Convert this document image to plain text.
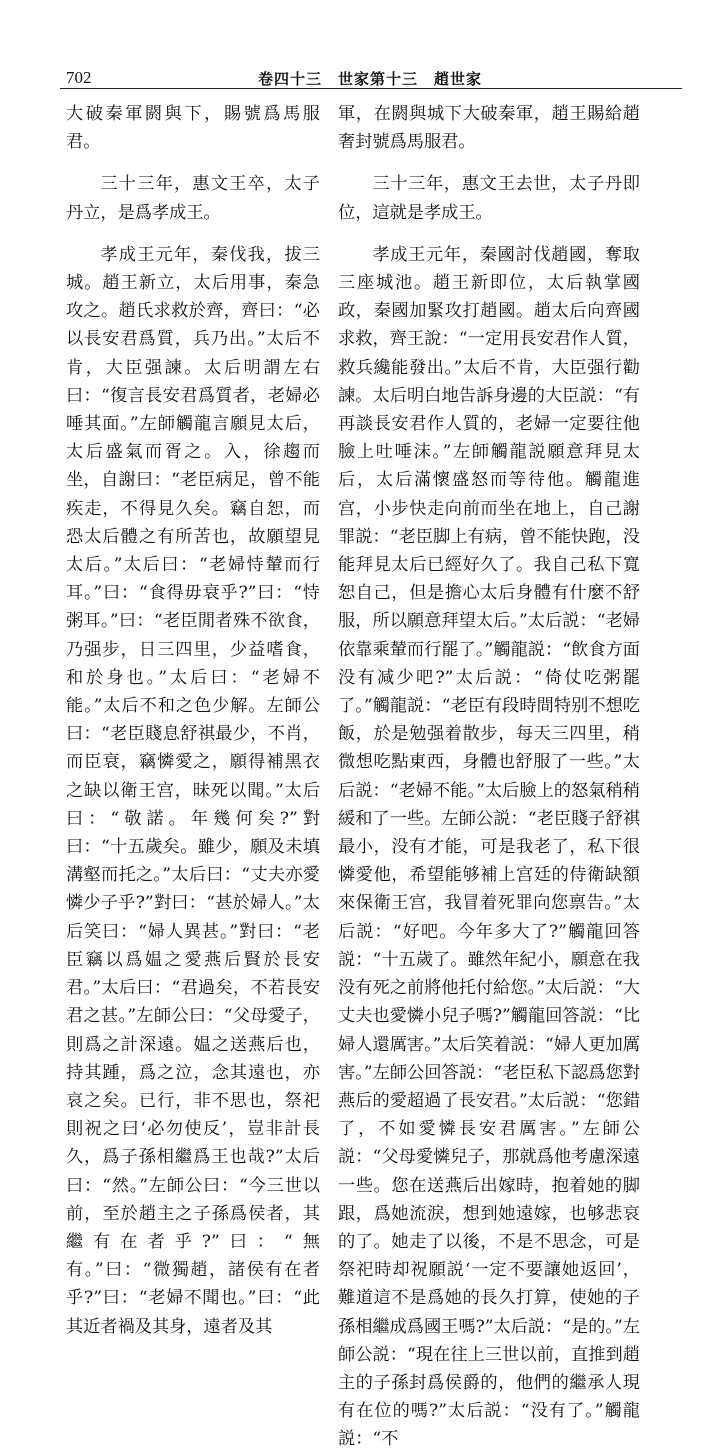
702	卷四十三　世家第十三　趙世家

大破秦軍閼與下，賜號爲馬服君。

三十三年，惠文王卒，太子丹立，是爲孝成王。

孝成王元年，秦伐我，拔三城。趙王新立，太后用事，秦急攻之。趙氏求救於齊，齊曰：“必以長安君爲質，兵乃出。”太后不肯，大臣强諫。太后明謂左右曰：“復言長安君爲質者，老婦必唾其面。”左師觸龍言願見太后，太后盛氣而胥之。入，徐趨而坐，自謝曰：“老臣病足，曾不能疾走，不得見久矣。竊自恕，而恐太后體之有所苦也，故願望見太后。”太后曰：“老婦恃輦而行耳。”曰：“食得毋衰乎?”曰：“恃粥耳。”曰：“老臣閒者殊不欲食，乃强步，日三四里，少益嗜食，和於身也。”太后曰：“老婦不能。”太后不和之色少解。左師公曰：“老臣賤息舒祺最少，不肖，而臣衰，竊憐愛之，願得補黑衣之缺以衛王宫，昧死以聞。”太后曰：“敬諾。年幾何矣?”對曰：“十五歲矣。雖少，願及未填溝壑而托之。”太后曰：“丈夫亦愛憐少子乎?”對曰：“甚於婦人。”太后笑曰：“婦人異甚。”對曰：“老臣竊以爲媪之愛燕后賢於長安君。”太后曰：“君過矣，不若長安君之甚。”左師公曰：“父母愛子，則爲之計深遠。媪之送燕后也，持其踵，爲之泣，念其遠也，亦哀之矣。已行，非不思也，祭祀則祝之曰‘必勿使反’，豈非計長久，爲子孫相繼爲王也哉?”太后曰：“然。”左師公曰：“今三世以前，至於趙主之子孫爲侯者，其繼有在者乎?”曰：“無有。”曰：“微獨趙，諸侯有在者乎?”曰：“老婦不聞也。”曰：“此其近者禍及其身，遠者及其

軍，在閼與城下大破秦軍，趙王賜給趙奢封號爲馬服君。

三十三年，惠文王去世，太子丹即位，這就是孝成王。

孝成王元年，秦國討伐趙國，奪取三座城池。趙王新即位，太后執掌國政，秦國加緊攻打趙國。趙太后向齊國求救，齊王說：“一定用長安君作人質，救兵纔能發出。”太后不肯，大臣强行勸諫。太后明白地告訴身邊的大臣説：“有再談長安君作人質的，老婦一定要往他臉上吐唾沫。”左師觸龍説願意拜見太后，太后滿懷盛怒而等待他。觸龍進宫，小步快走向前而坐在地上，自己謝罪説：“老臣脚上有病，曾不能快跑，没能拜見太后已經好久了。我自己私下寬恕自己，但是擔心太后身體有什麼不舒服，所以願意拜望太后。”太后説：“老婦依靠乘輦而行罷了。”觸龍説：“飲食方面没有减少吧?”太后説：“倚仗吃粥罷了。”觸龍説：“老臣有段時間特别不想吃飯，於是勉强着散步，每天三四里，稍微想吃點東西，身體也舒服了一些。”太后説：“老婦不能。”太后臉上的怒氣稍稍緩和了一些。左師公説：“老臣賤子舒祺最小，没有才能，可是我老了，私下很憐愛他，希望能够補上宫廷的侍衛缺額來保衛王宫，我冒着死罪向您禀告。”太后説：“好吧。今年多大了?”觸龍回答説：“十五歲了。雖然年紀小，願意在我没有死之前將他托付給您。”太后説：“大丈夫也愛憐小兒子嗎?”觸龍回答説：“比婦人還厲害。”太后笑着説：“婦人更加厲害。”左師公回答説：“老臣私下認爲您對燕后的愛超過了長安君。”太后説：“您錯了，不如愛憐長安君厲害。”左師公説：“父母愛憐兒子，那就爲他考慮深遠一些。您在送燕后出嫁時，抱着她的脚跟，爲她流淚，想到她遠嫁，也够悲哀的了。她走了以後，不是不思念，可是祭祀時却祝願説‘一定不要讓她返回’，難道這不是爲她的長久打算，使她的子孫相繼成爲國王嗎?”太后説：“是的。”左師公説：“現在往上三世以前，直推到趙主的子孫封爲侯爵的，他們的繼承人現有在位的嗎?”太后説：“没有了。”觸龍説：“不
